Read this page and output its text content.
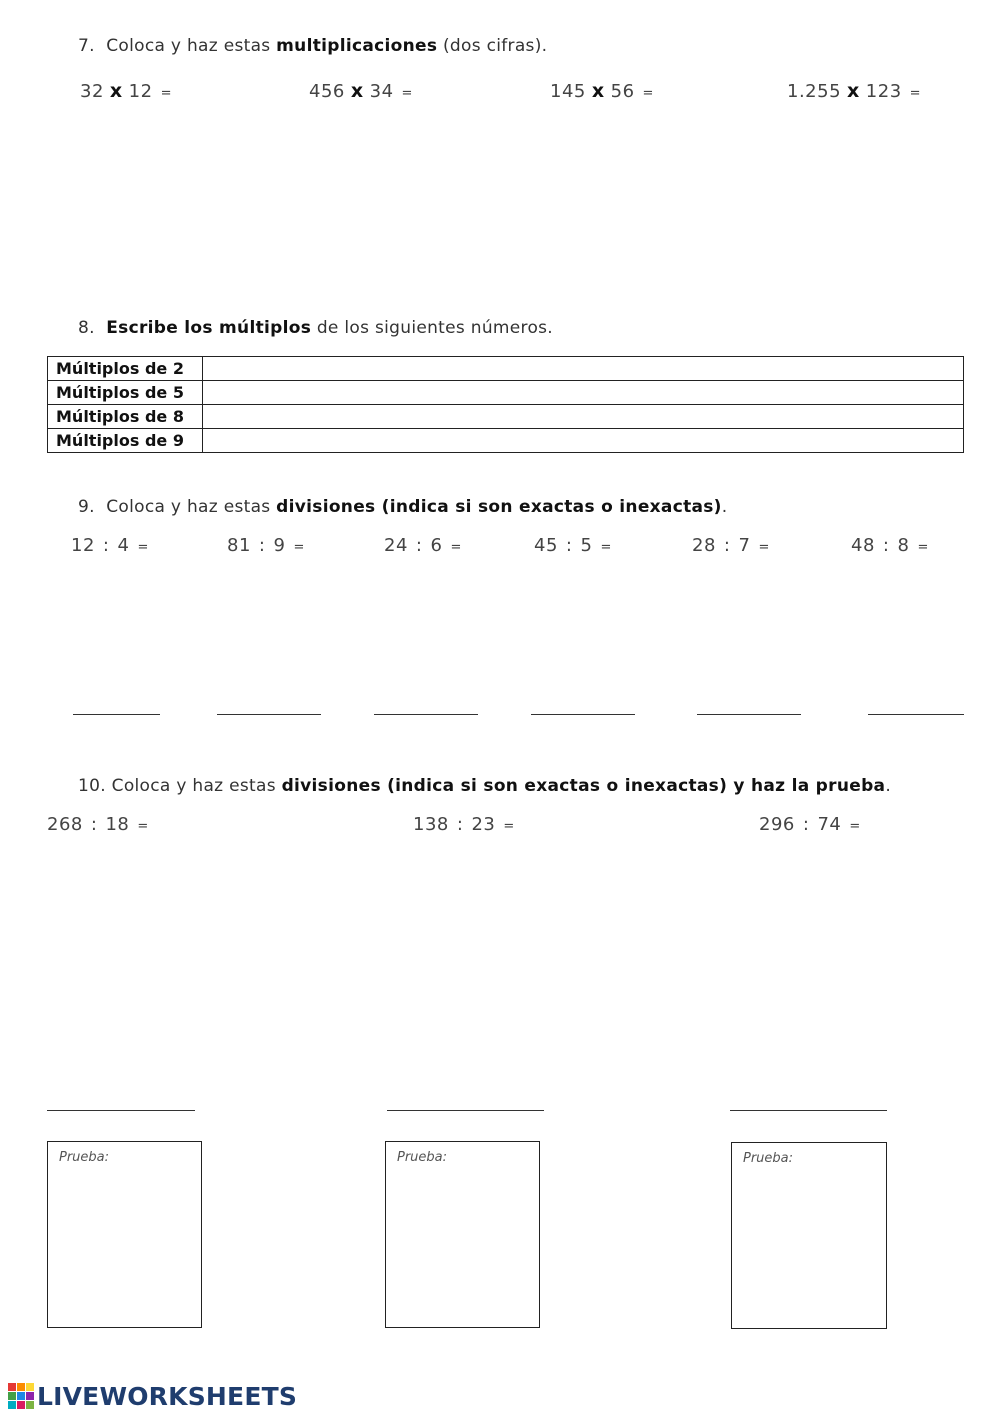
7. Coloca y haz estas multiplicaciones (dos cifras).
32 x 12 =	456 x 34 =	145 x 56 =	1.255 x 123 =
8. Escribe los múltiplos de los siguientes números.
Múltiplos de 2	
Múltiplos de 5	
Múltiplos de 8	
Múltiplos de 9	
9. Coloca y haz estas divisiones (indica si son exactas o inexactas).
12 : 4 =	81 : 9 =	24 : 6 =	45 : 5 =	28 : 7 =	48 : 8 =
10. Coloca y haz estas divisiones (indica si son exactas o inexactas) y haz la prueba.
268 : 18 =	138 : 23 =	296 : 74 =
Prueba:	Prueba:	Prueba:
LIVEWORKSHEETS
